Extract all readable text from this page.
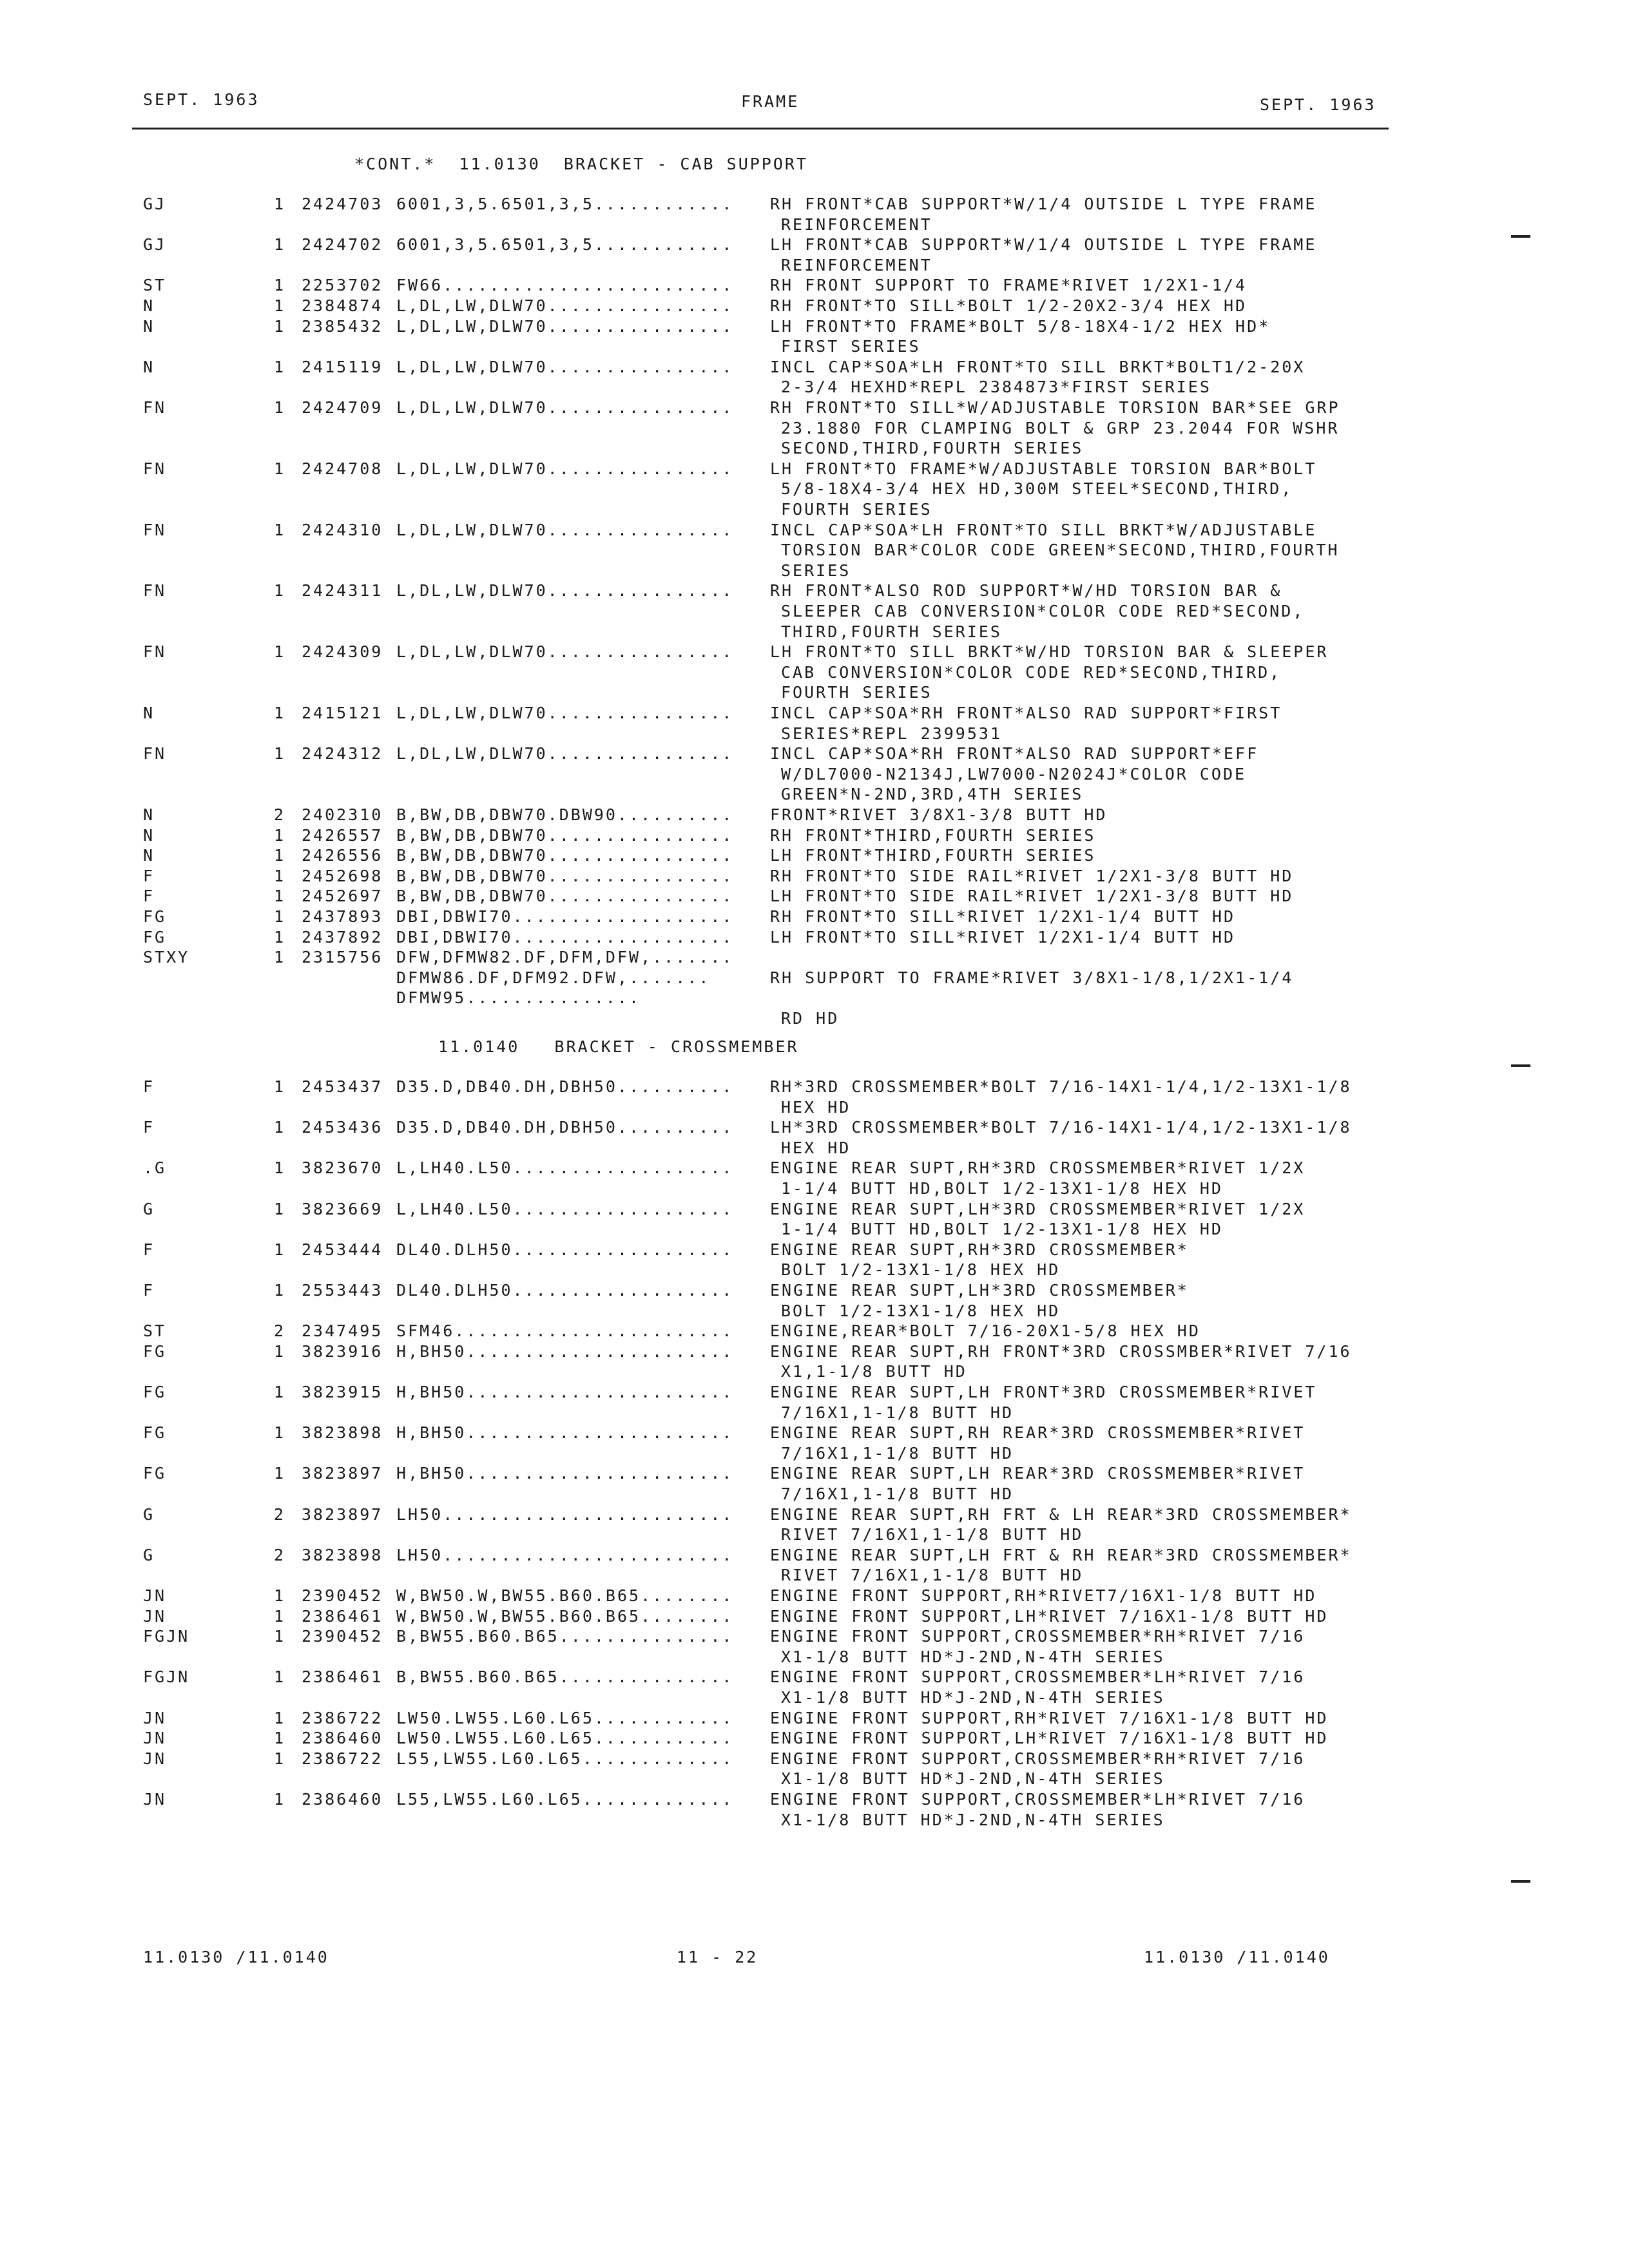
SEPT. 1963	FRAME	SEPT. 1963
*CONT.*  11.0130  BRACKET - CAB SUPPORT
GJ	1 2424703 6001,3,5.6501,3,5............ RH FRONT*CAB SUPPORT*W/1/4 OUTSIDE L TYPE FRAME
REINFORCEMENT
GJ	1 2424702 6001,3,5.6501,3,5............ LH FRONT*CAB SUPPORT*W/1/4 OUTSIDE L TYPE FRAME
REINFORCEMENT
ST	1 2253702 FW66......................... RH FRONT SUPPORT TO FRAME*RIVET 1/2X1-1/4
N	1 2384874 L,DL,LW,DLW70................ RH FRONT*TO SILL*BOLT 1/2-20X2-3/4 HEX HD
N	1 2385432 L,DL,LW,DLW70................ LH FRONT*TO FRAME*BOLT 5/8-18X4-1/2 HEX HD*
FIRST SERIES
N	1 2415119 L,DL,LW,DLW70................ INCL CAP*SOA*LH FRONT*TO SILL BRKT*BOLT1/2-20X
2-3/4 HEXHD*REPL 2384873*FIRST SERIES
FN	1 2424709 L,DL,LW,DLW70................ RH FRONT*TO SILL*W/ADJUSTABLE TORSION BAR*SEE GRP
23.1880 FOR CLAMPING BOLT & GRP 23.2044 FOR WSHR
SECOND,THIRD,FOURTH SERIES
FN	1 2424708 L,DL,LW,DLW70................ LH FRONT*TO FRAME*W/ADJUSTABLE TORSION BAR*BOLT
5/8-18X4-3/4 HEX HD,300M STEEL*SECOND,THIRD,
FOURTH SERIES
FN	1 2424310 L,DL,LW,DLW70................ INCL CAP*SOA*LH FRONT*TO SILL BRKT*W/ADJUSTABLE
TORSION BAR*COLOR CODE GREEN*SECOND,THIRD,FOURTH
SERIES
FN	1 2424311 L,DL,LW,DLW70................ RH FRONT*ALSO ROD SUPPORT*W/HD TORSION BAR &
SLEEPER CAB CONVERSION*COLOR CODE RED*SECOND,
THIRD,FOURTH SERIES
FN	1 2424309 L,DL,LW,DLW70................ LH FRONT*TO SILL BRKT*W/HD TORSION BAR & SLEEPER
CAB CONVERSION*COLOR CODE RED*SECOND,THIRD,
FOURTH SERIES
N	1 2415121 L,DL,LW,DLW70................ INCL CAP*SOA*RH FRONT*ALSO RAD SUPPORT*FIRST
SERIES*REPL 2399531
FN	1 2424312 L,DL,LW,DLW70................ INCL CAP*SOA*RH FRONT*ALSO RAD SUPPORT*EFF
W/DL7000-N2134J,LW7000-N2024J*COLOR CODE
GREEN*N-2ND,3RD,4TH SERIES
N	2 2402310 B,BW,DB,DBW70.DBW90.......... FRONT*RIVET 3/8X1-3/8 BUTT HD
N	1 2426557 B,BW,DB,DBW70................ RH FRONT*THIRD,FOURTH SERIES
N	1 2426556 B,BW,DB,DBW70................ LH FRONT*THIRD,FOURTH SERIES
F	1 2452698 B,BW,DB,DBW70................ RH FRONT*TO SIDE RAIL*RIVET 1/2X1-3/8 BUTT HD
F	1 2452697 B,BW,DB,DBW70................ LH FRONT*TO SIDE RAIL*RIVET 1/2X1-3/8 BUTT HD
FG	1 2437893 DBI,DBWI70................... RH FRONT*TO SILL*RIVET 1/2X1-1/4 BUTT HD
FG	1 2437892 DBI,DBWI70................... LH FRONT*TO SILL*RIVET 1/2X1-1/4 BUTT HD
STXY	1 2315756 DFW,DFMW82.DF,DFM,DFW,.......
DFMW86.DF,DFM92.DFW,.......	RH SUPPORT TO FRAME*RIVET 3/8X1-1/8,1/2X1-1/4
DFMW95...............
RD HD
11.0140   BRACKET - CROSSMEMBER
F	1 2453437 D35.D,DB40.DH,DBH50.......... RH*3RD CROSSMEMBER*BOLT 7/16-14X1-1/4,1/2-13X1-1/8
HEX HD
F	1 2453436 D35.D,DB40.DH,DBH50.......... LH*3RD CROSSMEMBER*BOLT 7/16-14X1-1/4,1/2-13X1-1/8
HEX HD
.G	1 3823670 L,LH40.L50................... ENGINE REAR SUPT,RH*3RD CROSSMEMBER*RIVET 1/2X
1-1/4 BUTT HD,BOLT 1/2-13X1-1/8 HEX HD
G	1 3823669 L,LH40.L50................... ENGINE REAR SUPT,LH*3RD CROSSMEMBER*RIVET 1/2X
1-1/4 BUTT HD,BOLT 1/2-13X1-1/8 HEX HD
F	1 2453444 DL40.DLH50................... ENGINE REAR SUPT,RH*3RD CROSSMEMBER*
BOLT 1/2-13X1-1/8 HEX HD
F	1 2553443 DL40.DLH50................... ENGINE REAR SUPT,LH*3RD CROSSMEMBER*
BOLT 1/2-13X1-1/8 HEX HD
ST	2 2347495 SFM46........................ ENGINE,REAR*BOLT 7/16-20X1-5/8 HEX HD
FG	1 3823916 H,BH50....................... ENGINE REAR SUPT,RH FRONT*3RD CROSSMBER*RIVET 7/16
X1,1-1/8 BUTT HD
FG	1 3823915 H,BH50....................... ENGINE REAR SUPT,LH FRONT*3RD CROSSMEMBER*RIVET
7/16X1,1-1/8 BUTT HD
FG	1 3823898 H,BH50....................... ENGINE REAR SUPT,RH REAR*3RD CROSSMEMBER*RIVET
7/16X1,1-1/8 BUTT HD
FG	1 3823897 H,BH50....................... ENGINE REAR SUPT,LH REAR*3RD CROSSMEMBER*RIVET
7/16X1,1-1/8 BUTT HD
G	2 3823897 LH50......................... ENGINE REAR SUPT,RH FRT & LH REAR*3RD CROSSMEMBER*
RIVET 7/16X1,1-1/8 BUTT HD
G	2 3823898 LH50......................... ENGINE REAR SUPT,LH FRT & RH REAR*3RD CROSSMEMBER*
RIVET 7/16X1,1-1/8 BUTT HD
JN	1 2390452 W,BW50.W,BW55.B60.B65........ ENGINE FRONT SUPPORT,RH*RIVET7/16X1-1/8 BUTT HD
JN	1 2386461 W,BW50.W,BW55.B60.B65........ ENGINE FRONT SUPPORT,LH*RIVET 7/16X1-1/8 BUTT HD
FGJN	1 2390452 B,BW55.B60.B65............... ENGINE FRONT SUPPORT,CROSSMEMBER*RH*RIVET 7/16
X1-1/8 BUTT HD*J-2ND,N-4TH SERIES
FGJN	1 2386461 B,BW55.B60.B65............... ENGINE FRONT SUPPORT,CROSSMEMBER*LH*RIVET 7/16
X1-1/8 BUTT HD*J-2ND,N-4TH SERIES
JN	1 2386722 LW50.LW55.L60.L65............ ENGINE FRONT SUPPORT,RH*RIVET 7/16X1-1/8 BUTT HD
JN	1 2386460 LW50.LW55.L60.L65............ ENGINE FRONT SUPPORT,LH*RIVET 7/16X1-1/8 BUTT HD
JN	1 2386722 L55,LW55.L60.L65............. ENGINE FRONT SUPPORT,CROSSMEMBER*RH*RIVET 7/16
X1-1/8 BUTT HD*J-2ND,N-4TH SERIES
JN	1 2386460 L55,LW55.L60.L65............. ENGINE FRONT SUPPORT,CROSSMEMBER*LH*RIVET 7/16
X1-1/8 BUTT HD*J-2ND,N-4TH SERIES
11.0130 /11.0140	11 - 22	11.0130 /11.0140
